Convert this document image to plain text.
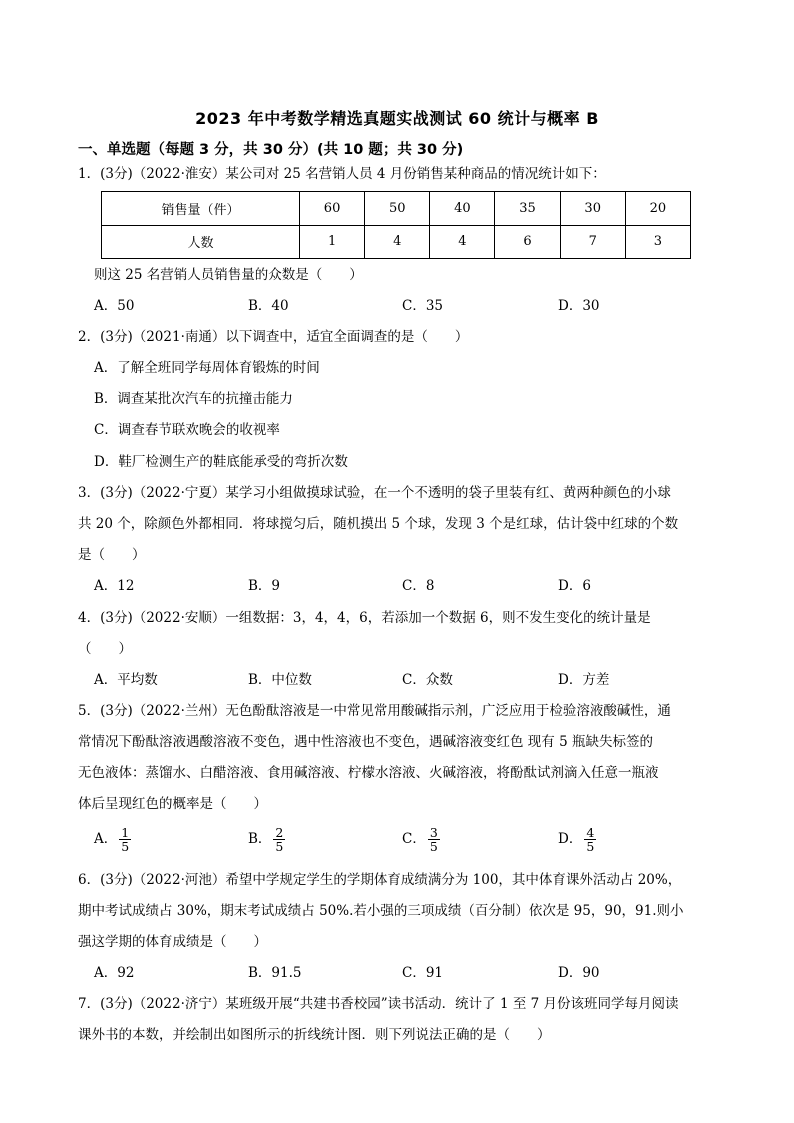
2023 年中考数学精选真题实战测试 60 统计与概率 B
一、单选题（每题 3 分，共 30 分）(共 10 题；共 30 分)
1．(3分)（2022·淮安）某公司对 25 名营销人员 4 月份销售某种商品的情况统计如下：
销售量（件）	60	50	40	35	30	20
人数	1	4	4	6	7	3
则这 25 名营销人员销售量的众数是（　　）
A．50	B．40	C．35	D．30
2．(3分)（2021·南通）以下调查中，适宜全面调查的是（　　）
A．了解全班同学每周体育锻炼的时间
B．调查某批次汽车的抗撞击能力
C．调查春节联欢晚会的收视率
D．鞋厂检测生产的鞋底能承受的弯折次数
3．(3分)（2022·宁夏）某学习小组做摸球试验，在一个不透明的袋子里装有红、黄两种颜色的小球
共 20 个，除颜色外都相同．将球搅匀后，随机摸出 5 个球，发现 3 个是红球，估计袋中红球的个数
是（　　）
A．12	B．9	C．8	D．6
4．(3分)（2022·安顺）一组数据：3，4，4，6，若添加一个数据 6，则不发生变化的统计量是
（　　）
A．平均数	B．中位数	C．众数	D．方差
5．(3分)（2022·兰州）无色酚酞溶液是一中常见常用酸碱指示剂，广泛应用于检验溶液酸碱性，通
常情况下酚酞溶液遇酸溶液不变色，遇中性溶液也不变色，遇碱溶液变红色 现有 5 瓶缺失标签的
无色液体：蒸馏水、白醋溶液、食用碱溶液、柠檬水溶液、火碱溶液，将酚酞试剂滴入任意一瓶液
体后呈现红色的概率是（　　）
A． $\frac{1}{5}$	B． $\frac{2}{5}$	C． $\frac{3}{5}$	D． $\frac{4}{5}$
6．(3分)（2022·河池）希望中学规定学生的学期体育成绩满分为 100，其中体育课外活动占 20%，
期中考试成绩占 30%，期末考试成绩占 50%.若小强的三项成绩（百分制）依次是 95，90，91.则小
强这学期的体育成绩是（　　）
A．92	B．91.5	C．91	D．90
7．(3分)（2022·济宁）某班级开展“共建书香校园”读书活动．统计了 1 至 7 月份该班同学每月阅读
课外书的本数，并绘制出如图所示的折线统计图．则下列说法正确的是（　　）
